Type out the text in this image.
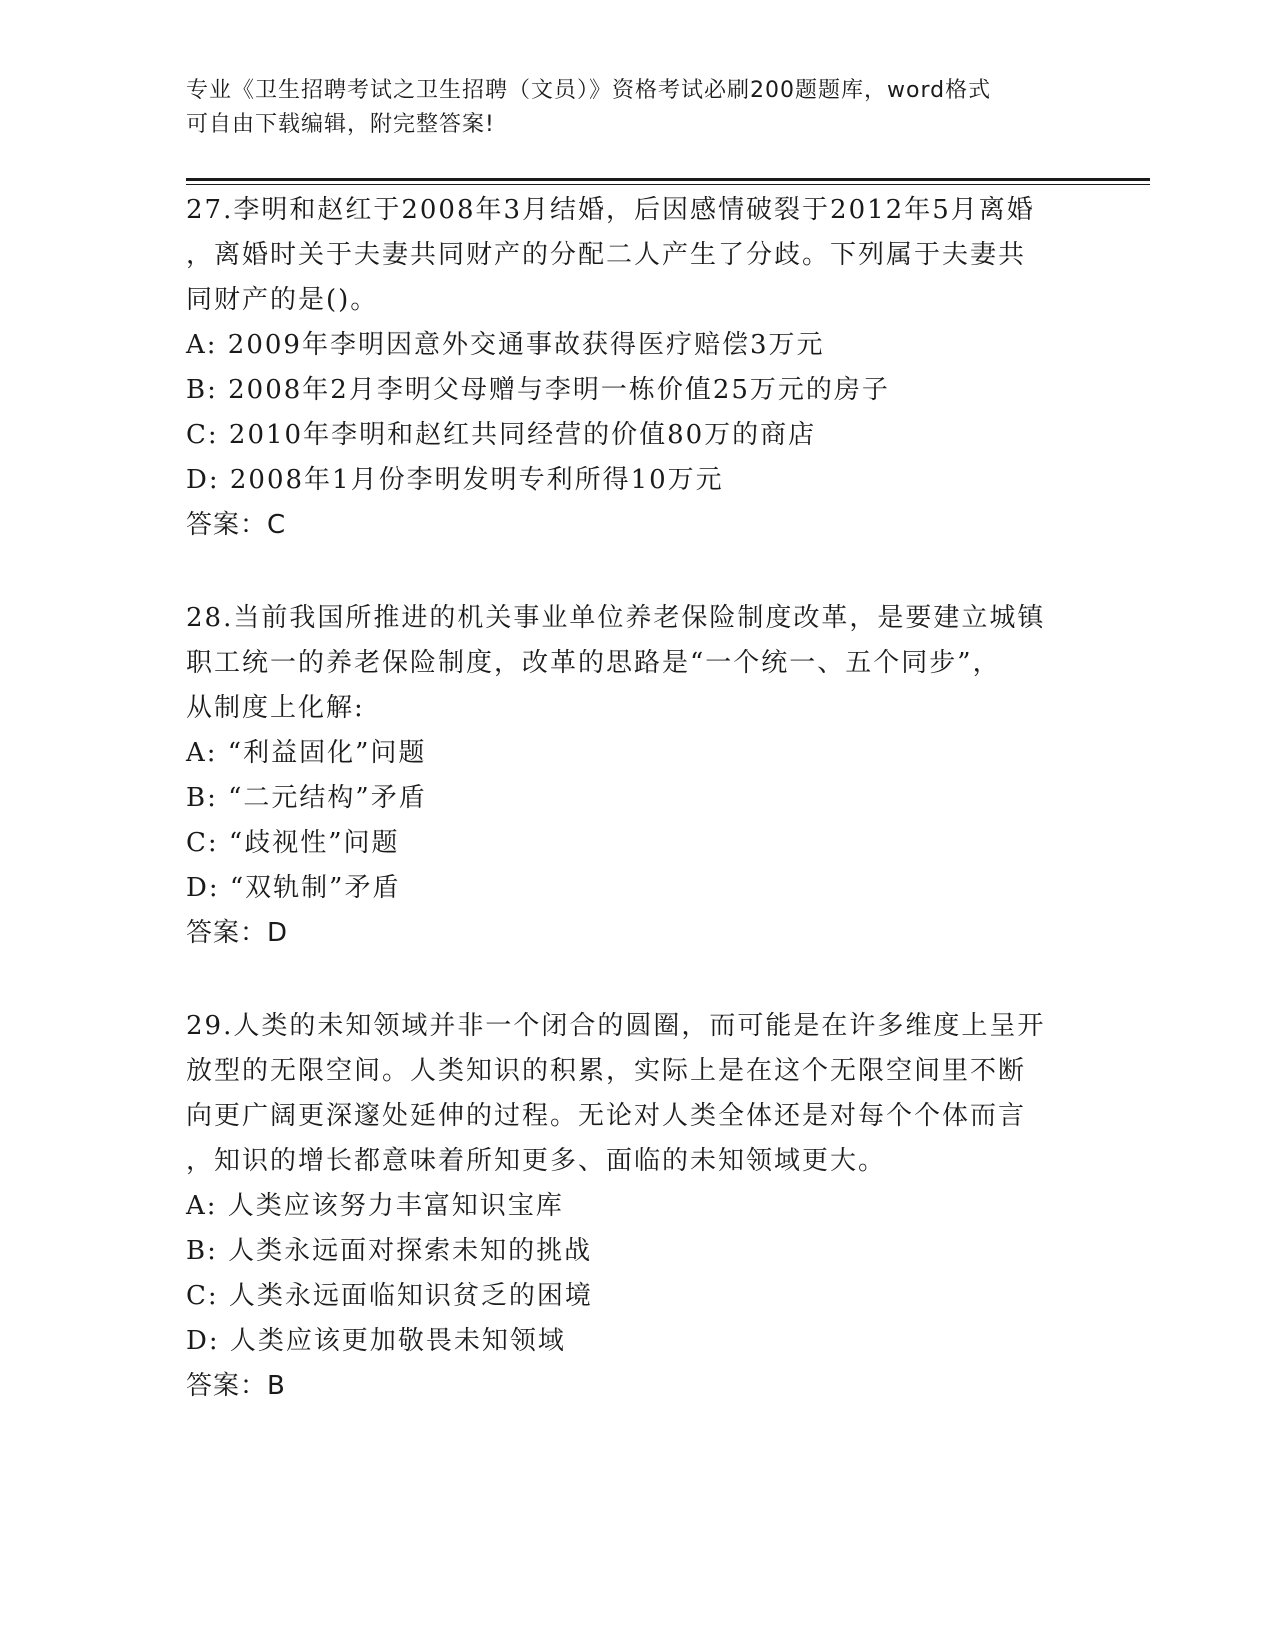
专业《卫生招聘考试之卫生招聘（文员）》资格考试必刷200题题库，word格式
可自由下载编辑，附完整答案!

27.李明和赵红于2008年3月结婚，后因感情破裂于2012年5月离婚

，离婚时关于夫妻共同财产的分配二人产生了分歧。下列属于夫妻共

同财产的是()。

A: 2009年李明因意外交通事故获得医疗赔偿3万元

B: 2008年2月李明父母赠与李明一栋价值25万元的房子

C: 2010年李明和赵红共同经营的价值80万的商店

D: 2008年1月份李明发明专利所得10万元

答案：C

28.当前我国所推进的机关事业单位养老保险制度改革，是要建立城镇

职工统一的养老保险制度，改革的思路是“一个统一、五个同步”，

从制度上化解:

A: “利益固化”问题

B: “二元结构”矛盾

C: “歧视性”问题

D: “双轨制”矛盾

答案：D

29.人类的未知领域并非一个闭合的圆圈，而可能是在许多维度上呈开

放型的无限空间。人类知识的积累，实际上是在这个无限空间里不断

向更广阔更深邃处延伸的过程。无论对人类全体还是对每个个体而言

，知识的增长都意味着所知更多、面临的未知领域更大。

A: 人类应该努力丰富知识宝库

B: 人类永远面对探索未知的挑战

C: 人类永远面临知识贫乏的困境

D: 人类应该更加敬畏未知领域

答案：B
